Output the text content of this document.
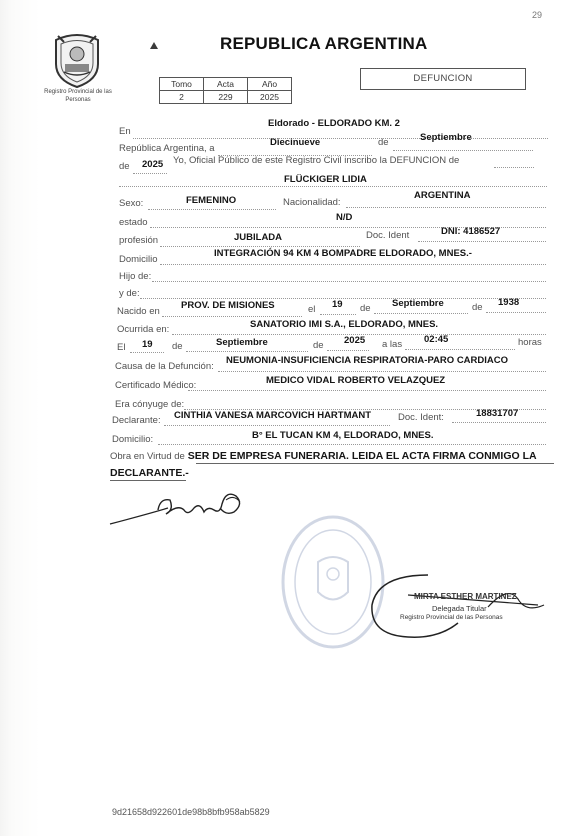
29
REPUBLICA ARGENTINA
Registro Provincial de las Personas
Tomo	Acta	Año
2	229	2025
DEFUNCION
En
Eldorado - ELDORADO KM. 2
República Argentina, a
Diecinueve	de	Septiembre
de 2025 Yo, Oficial Público de este Registro Civil inscribo la DEFUNCION de
FLÜCKIGER LIDIA
Sexo:	FEMENINO	Nacionalidad:
ARGENTINA
estado	N/D
profesión	JUBILADA	Doc. Ident	DNI: 4186527
Domicilio
INTEGRACIÓN 94 KM 4 BOMPADRE ELDORADO, MNES.-
Hijo de:
y de:
Nacido en
PROV. DE MISIONES	el 19 de Septiembre	de 1938
Ocurrida en:	SANATORIO IMI S.A., ELDORADO, MNES.
El 19 de	Septiembre	de 2025 a las 02:45	horas
Causa de la Defunción:
NEUMONIA-INSUFICIENCIA RESPIRATORIA-PARO CARDIACO
Certificado Médico:	MEDICO VIDAL ROBERTO VELAZQUEZ
Era cónyuge de:
Declarante: CINTHIA VANESA MARCOVICH HARTMANT	Doc. Ident:	18831707
Domicilio:	B° EL TUCAN KM 4, ELDORADO, MNES.
Obra en Virtud de SER DE EMPRESA FUNERARIA. LEIDA EL ACTA FIRMA CONMIGO LA DECLARANTE.-
MIRTA ESTHER MARTINEZ
Delegada Titular
Registro Provincial de las Personas
9d21658d922601de98b8bfb958ab5829
